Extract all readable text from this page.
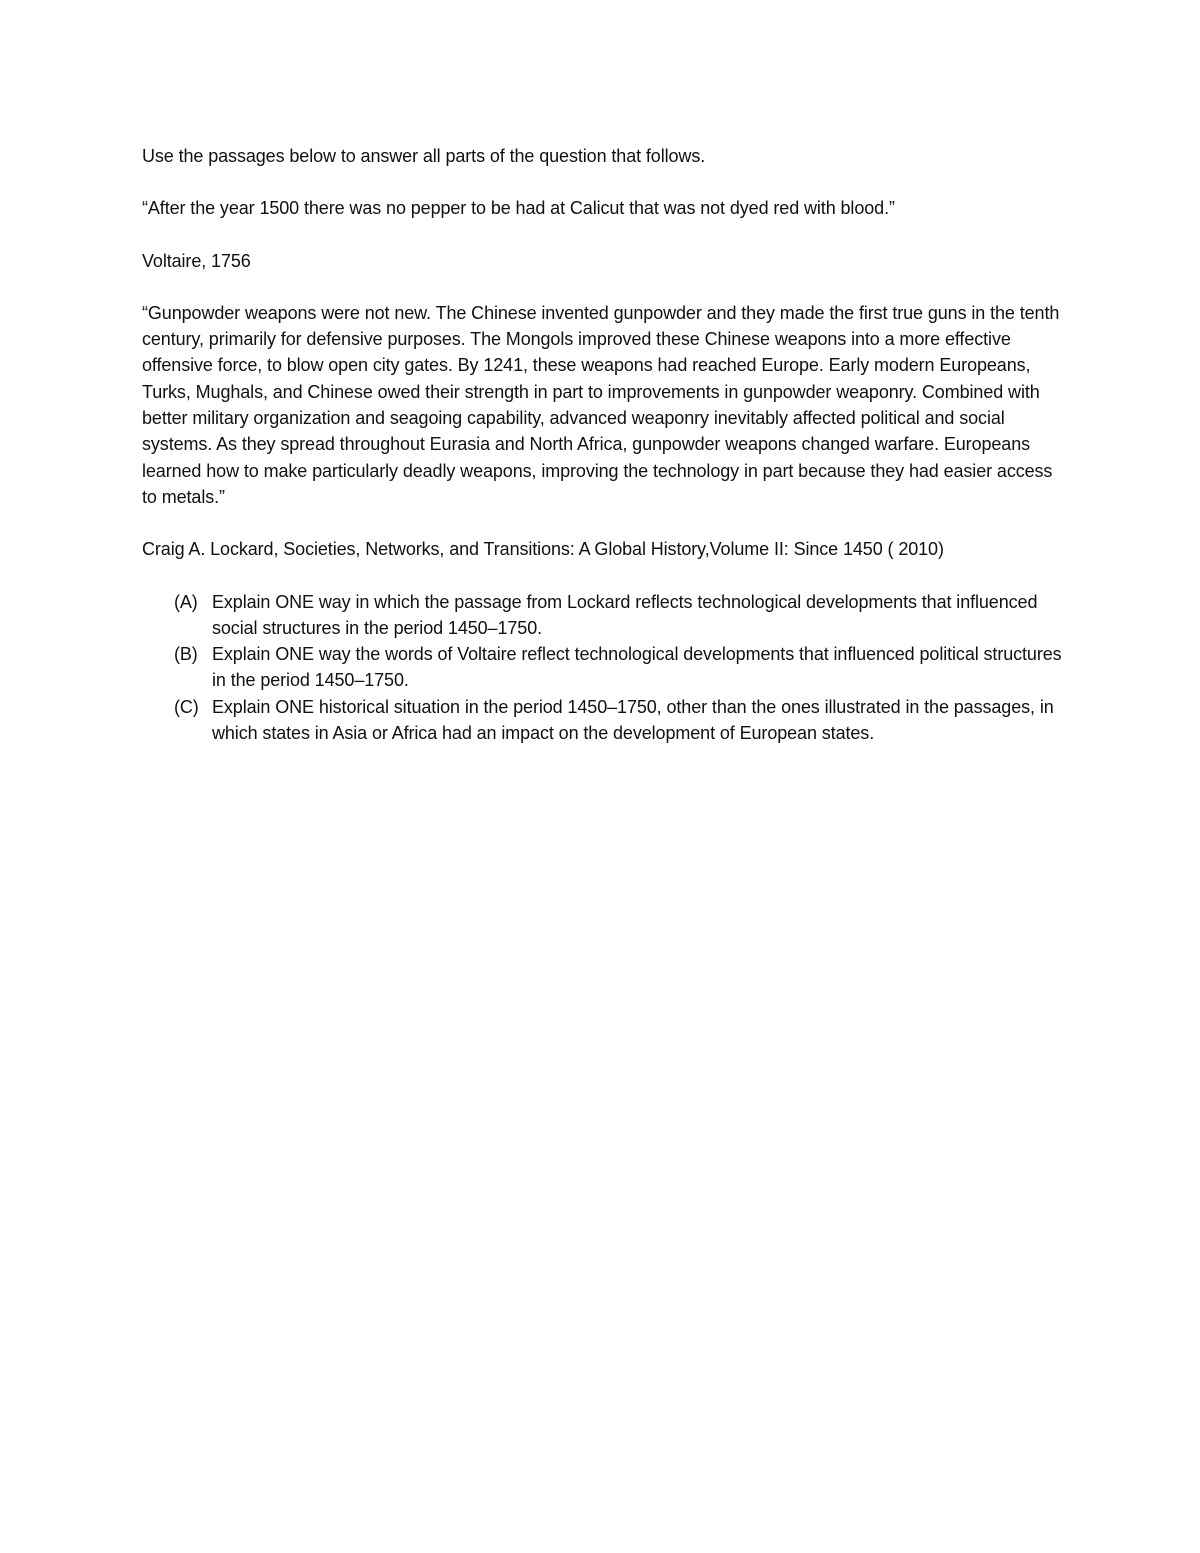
Use the passages below to answer all parts of the question that follows.

“After the year 1500 there was no pepper to be had at Calicut that was not dyed red with blood.”

Voltaire, 1756

“Gunpowder weapons were not new. The Chinese invented gunpowder and they made the first true guns in the tenth century, primarily for defensive purposes. The Mongols improved these Chinese weapons into a more effective offensive force, to blow open city gates. By 1241, these weapons had reached Europe. Early modern Europeans, Turks, Mughals, and Chinese owed their strength in part to improvements in gunpowder weaponry. Combined with better military organization and seagoing capability, advanced weaponry inevitably affected political and social systems. As they spread throughout Eurasia and North Africa, gunpowder weapons changed warfare. Europeans learned how to make particularly deadly weapons, improving the technology in part because they had easier access to metals.”

Craig A. Lockard, Societies, Networks, and Transitions: A Global History,Volume II: Since 1450 ( 2010)

(A) Explain ONE way in which the passage from Lockard reflects technological developments that influenced social structures in the period 1450–1750.
(B) Explain ONE way the words of Voltaire reflect technological developments that influenced political structures in the period 1450–1750.
(C) Explain ONE historical situation in the period 1450–1750, other than the ones illustrated in the passages, in which states in Asia or Africa had an impact on the development of European states.
